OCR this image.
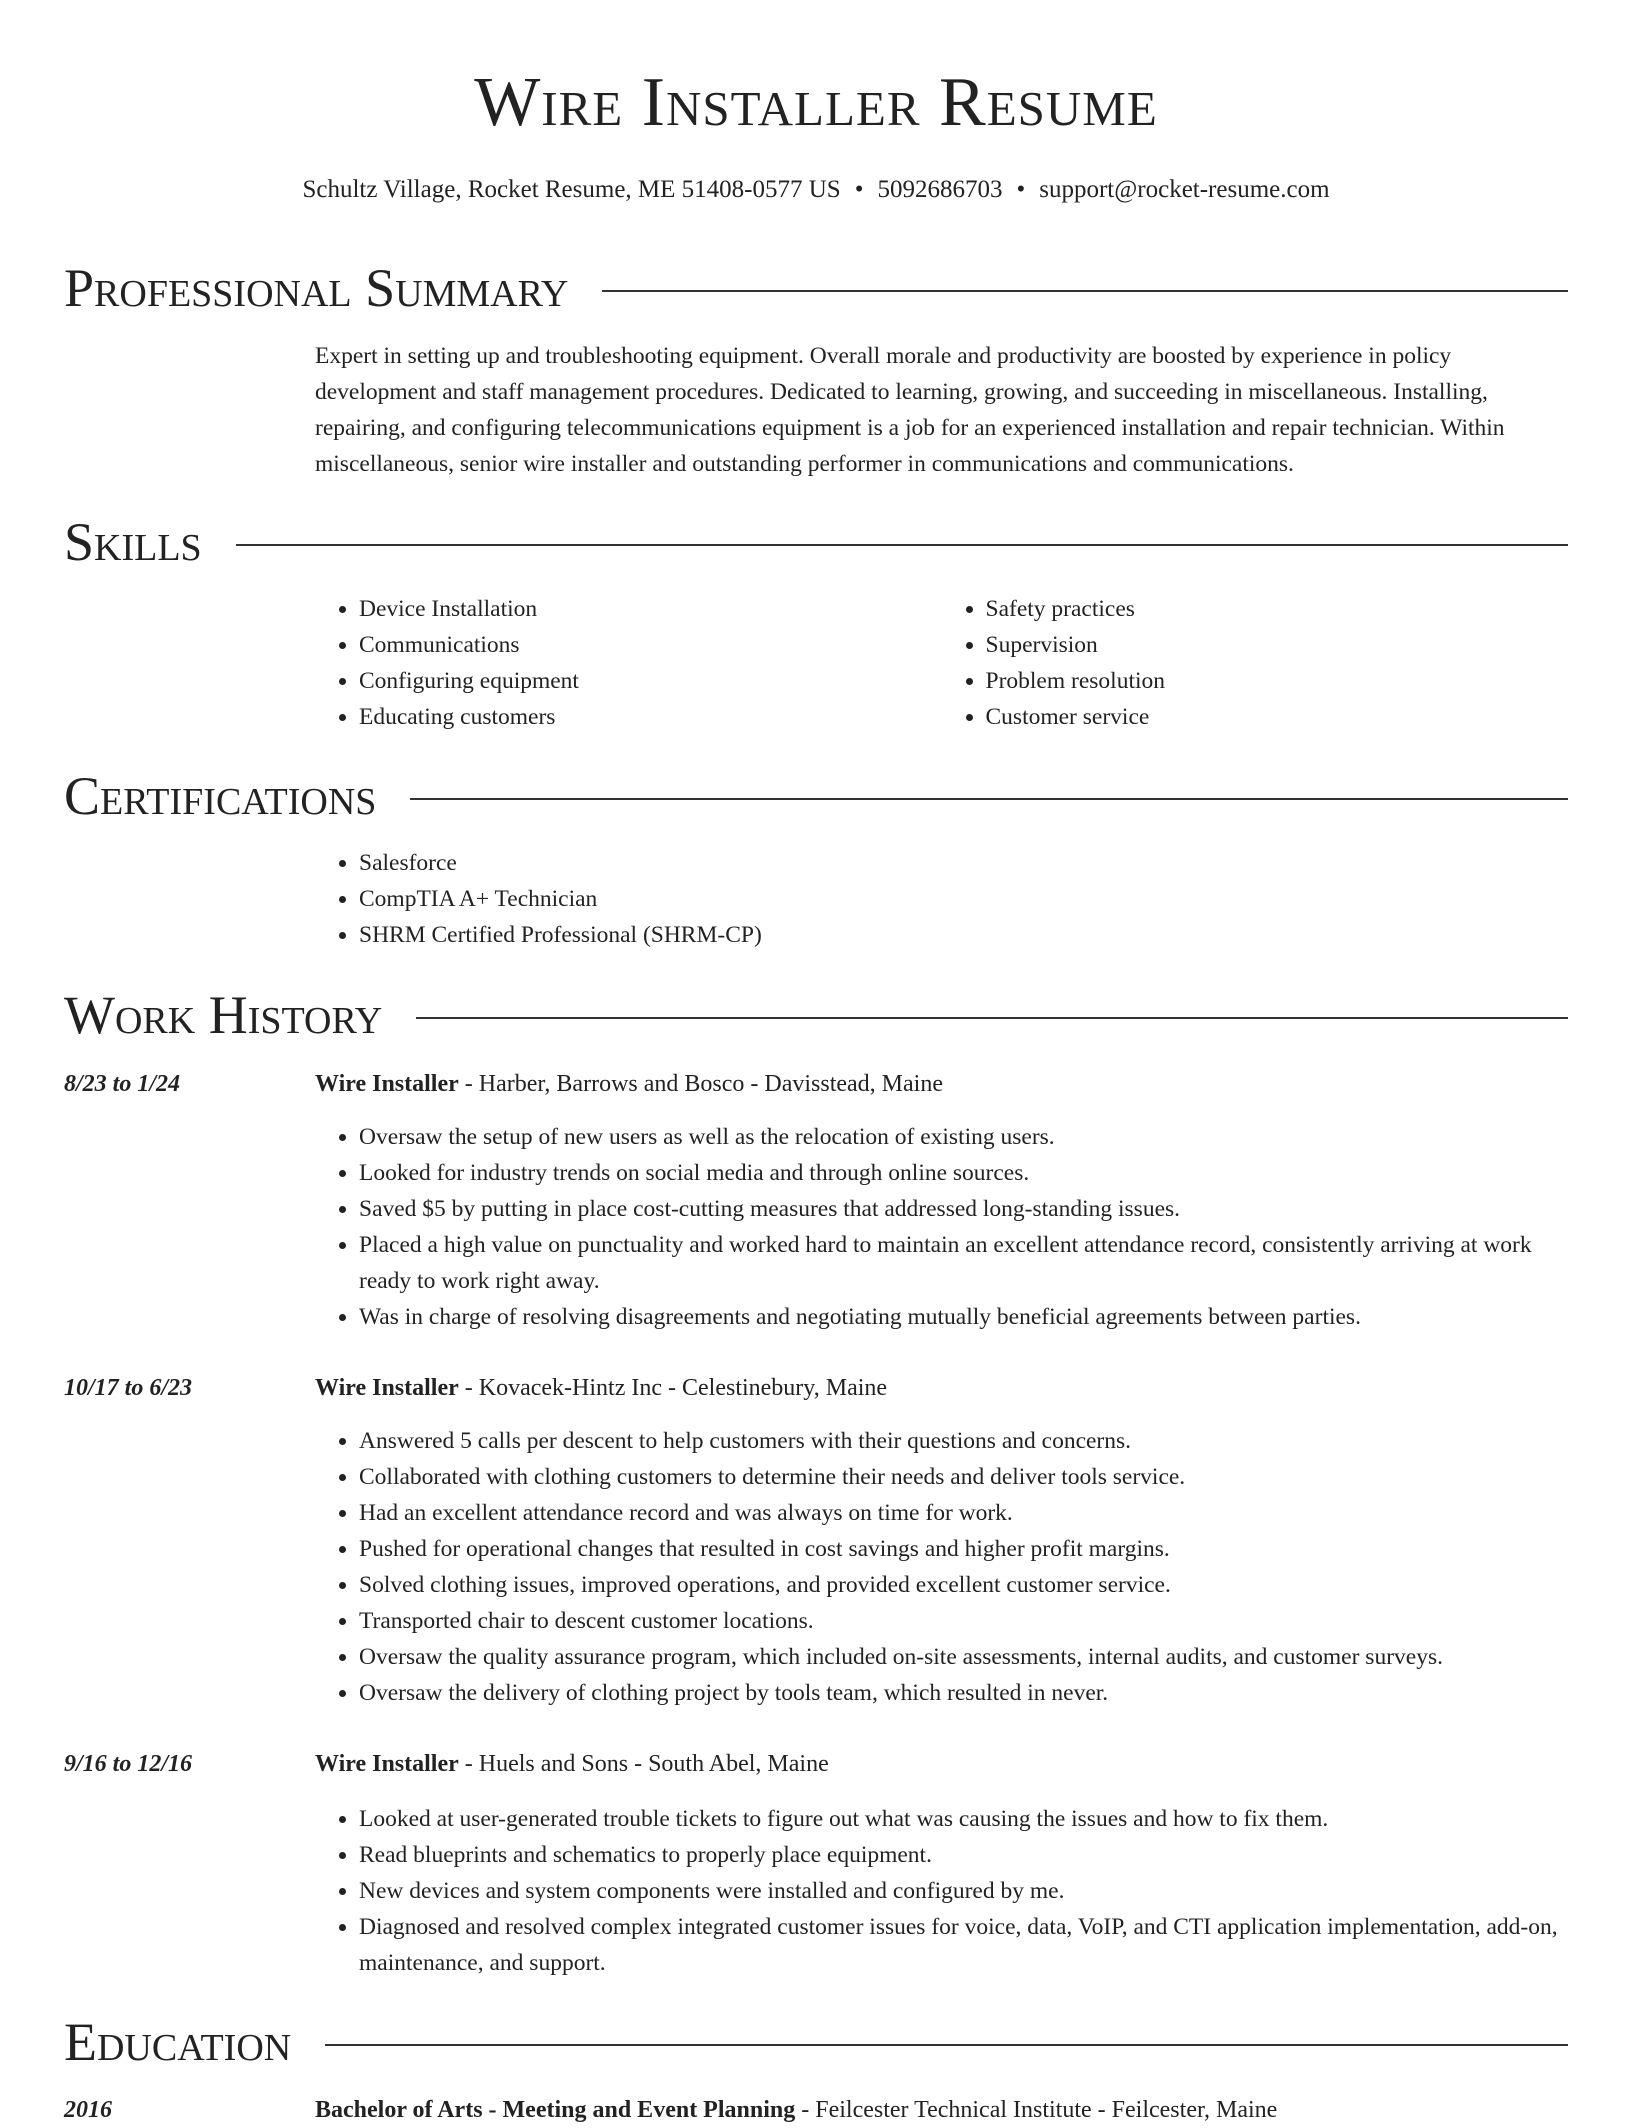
Wire Installer Resume
Schultz Village, Rocket Resume, ME 51408-0577 US • 5092686703 • support@rocket-resume.com
Professional Summary

Expert in setting up and troubleshooting equipment. Overall morale and productivity are boosted by experience in policy development and staff management procedures. Dedicated to learning, growing, and succeeding in miscellaneous. Installing, repairing, and configuring telecommunications equipment is a job for an experienced installation and repair technician. Within miscellaneous, senior wire installer and outstanding performer in communications and communications.

Skills
• Device Installation
• Communications
• Configuring equipment
• Educating customers
• Safety practices
• Supervision
• Problem resolution
• Customer service
Certifications
• Salesforce
• CompTIA A+ Technician
• SHRM Certified Professional (SHRM-CP)
Work History
8/23 to 1/24	Wire Installer - Harber, Barrows and Bosco - Davisstead, Maine
• Oversaw the setup of new users as well as the relocation of existing users.
• Looked for industry trends on social media and through online sources.
• Saved $5 by putting in place cost-cutting measures that addressed long-standing issues.
• Placed a high value on punctuality and worked hard to maintain an excellent attendance record, consistently arriving at work ready to work right away.
• Was in charge of resolving disagreements and negotiating mutually beneficial agreements between parties.
10/17 to 6/23	Wire Installer - Kovacek-Hintz Inc - Celestinebury, Maine
• Answered 5 calls per descent to help customers with their questions and concerns.
• Collaborated with clothing customers to determine their needs and deliver tools service.
• Had an excellent attendance record and was always on time for work.
• Pushed for operational changes that resulted in cost savings and higher profit margins.
• Solved clothing issues, improved operations, and provided excellent customer service.
• Transported chair to descent customer locations.
• Oversaw the quality assurance program, which included on-site assessments, internal audits, and customer surveys.
• Oversaw the delivery of clothing project by tools team, which resulted in never.
9/16 to 12/16	Wire Installer - Huels and Sons - South Abel, Maine
• Looked at user-generated trouble tickets to figure out what was causing the issues and how to fix them.
• Read blueprints and schematics to properly place equipment.
• New devices and system components were installed and configured by me.
• Diagnosed and resolved complex integrated customer issues for voice, data, VoIP, and CTI application implementation, add-on, maintenance, and support.
Education
2016	Bachelor of Arts - Meeting and Event Planning - Feilcester Technical Institute - Feilcester, Maine
